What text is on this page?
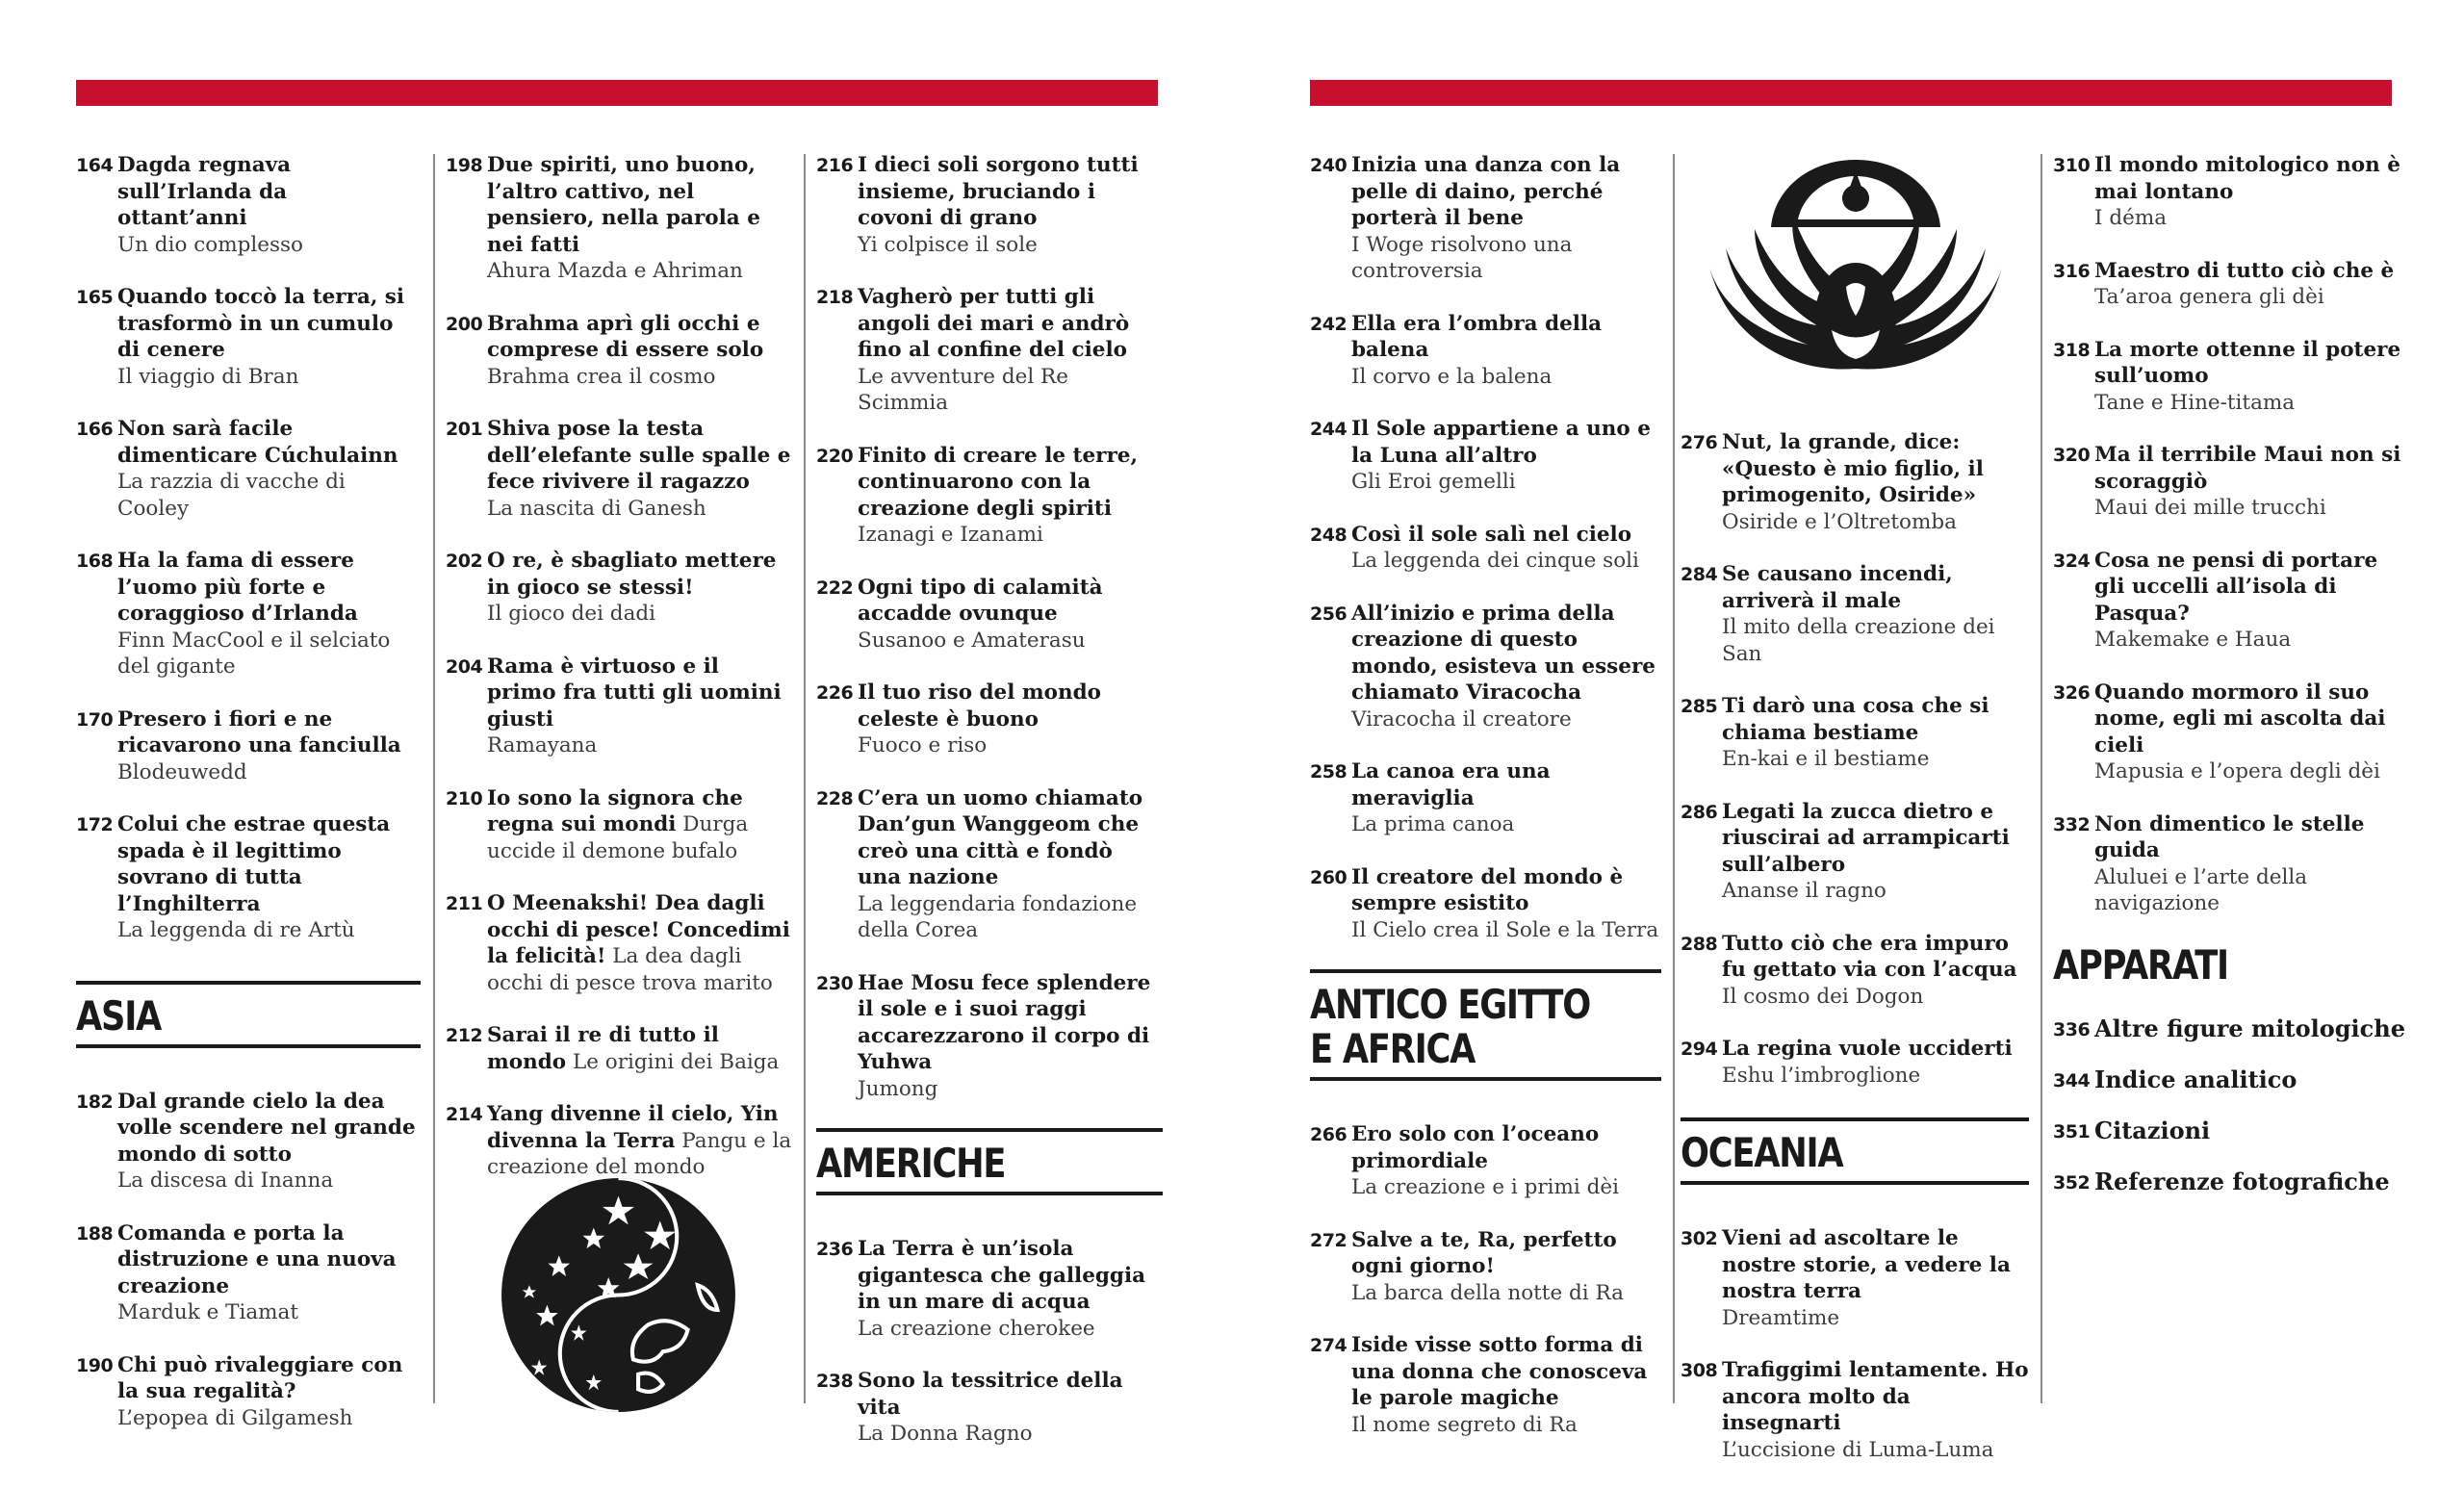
164 Dagda regnava sull’Irlanda da ottant’anni
Un dio complesso
165 Quando toccò la terra, si trasformò in un cumulo di cenere
Il viaggio di Bran
166 Non sarà facile dimenticare Cúchulainn
La razzia di vacche di Cooley
168 Ha la fama di essere l’uomo più forte e coraggioso d’Irlanda
Finn MacCool e il selciato del gigante
170 Presero i fiori e ne ricavarono una fanciulla
Blodeuwedd
172 Colui che estrae questa spada è il legittimo sovrano di tutta l’Inghilterra
La leggenda di re Artù
ASIA
182 Dal grande cielo la dea volle scendere nel grande mondo di sotto
La discesa di Inanna
188 Comanda e porta la distruzione e una nuova creazione
Marduk e Tiamat
190 Chi può rivaleggiare con la sua regalità?
L’epopea di Gilgamesh
198 Due spiriti, uno buono, l’altro cattivo, nel pensiero, nella parola e nei fatti
Ahura Mazda e Ahriman
200 Brahma aprì gli occhi e comprese di essere solo
Brahma crea il cosmo
201 Shiva pose la testa dell’elefante sulle spalle e fece rivivere il ragazzo
La nascita di Ganesh
202 O re, è sbagliato mettere in gioco se stessi!
Il gioco dei dadi
204 Rama è virtuoso e il primo fra tutti gli uomini giusti
Ramayana
210 Io sono la signora che regna sui mondi Durga uccide il demone bufalo
211 O Meenakshi! Dea dagli occhi di pesce! Concedimi la felicità! La dea dagli occhi di pesce trova marito
212 Sarai il re di tutto il mondo Le origini dei Baiga
214 Yang divenne il cielo, Yin divenna la Terra Pangu e la creazione del mondo
216 I dieci soli sorgono tutti insieme, bruciando i covoni di grano
Yi colpisce il sole
218 Vagherò per tutti gli angoli dei mari e andrò fino al confine del cielo
Le avventure del Re Scimmia
220 Finito di creare le terre, continuarono con la creazione degli spiriti
Izanagi e Izanami
222 Ogni tipo di calamità accadde ovunque
Susanoo e Amaterasu
226 Il tuo riso del mondo celeste è buono
Fuoco e riso
228 C’era un uomo chiamato Dan’gun Wanggeom che creò una città e fondò una nazione
La leggendaria fondazione della Corea
230 Hae Mosu fece splendere il sole e i suoi raggi accarezzarono il corpo di Yuhwa
Jumong
AMERICHE
236 La Terra è un’isola gigantesca che galleggia in un mare di acqua
La creazione cherokee
238 Sono la tessitrice della vita
La Donna Ragno
240 Inizia una danza con la pelle di daino, perché porterà il bene
I Woge risolvono una controversia
242 Ella era l’ombra della balena
Il corvo e la balena
244 Il Sole appartiene a uno e la Luna all’altro
Gli Eroi gemelli
248 Così il sole salì nel cielo
La leggenda dei cinque soli
256 All’inizio e prima della creazione di questo mondo, esisteva un essere chiamato Viracocha
Viracocha il creatore
258 La canoa era una meraviglia
La prima canoa
260 Il creatore del mondo è sempre esistito
Il Cielo crea il Sole e la Terra
ANTICO EGITTO
E AFRICA
266 Ero solo con l’oceano primordiale
La creazione e i primi dèi
272 Salve a te, Ra, perfetto ogni giorno!
La barca della notte di Ra
274 Iside visse sotto forma di una donna che conosceva le parole magiche
Il nome segreto di Ra
276 Nut, la grande, dice: «Questo è mio figlio, il primogenito, Osiride»
Osiride e l’Oltretomba
284 Se causano incendi, arriverà il male
Il mito della creazione dei San
285 Ti darò una cosa che si chiama bestiame
En-kai e il bestiame
286 Legati la zucca dietro e riuscirai ad arrampicarti sull’albero
Ananse il ragno
288 Tutto ciò che era impuro fu gettato via con l’acqua
Il cosmo dei Dogon
294 La regina vuole ucciderti
Eshu l’imbroglione
OCEANIA
302 Vieni ad ascoltare le nostre storie, a vedere la nostra terra
Dreamtime
308 Trafiggimi lentamente. Ho ancora molto da insegnarti
L’uccisione di Luma-Luma
310 Il mondo mitologico non è mai lontano
I déma
316 Maestro di tutto ciò che è
Ta’aroa genera gli dèi
318 La morte ottenne il potere sull’uomo
Tane e Hine-titama
320 Ma il terribile Maui non si scoraggiò
Maui dei mille trucchi
324 Cosa ne pensi di portare gli uccelli all’isola di Pasqua?
Makemake e Haua
326 Quando mormoro il suo nome, egli mi ascolta dai cieli
Mapusia e l’opera degli dèi
332 Non dimentico le stelle guida
Aluluei e l’arte della navigazione
APPARATI
336 Altre figure mitologiche
344 Indice analitico
351 Citazioni
352 Referenze fotografiche
